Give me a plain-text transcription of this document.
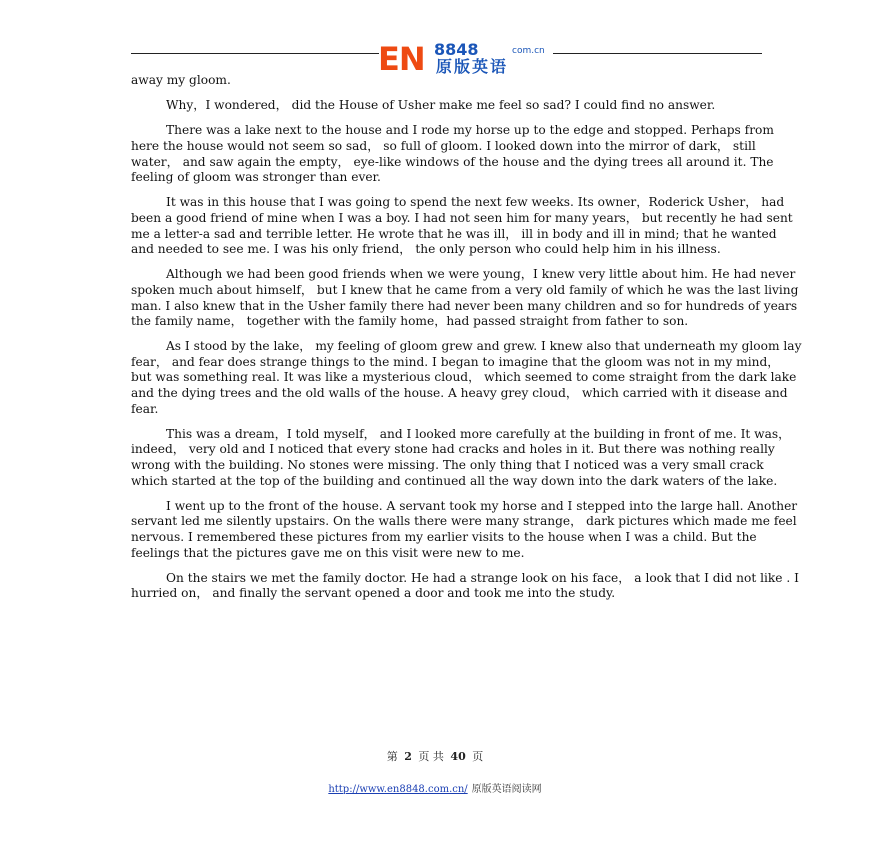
EN 8848	com.cn
原版英语

away my gloom.

Why，I wondered， did the House of Usher make me feel so sad? I could find no answer.

There was a lake next to the house and I rode my horse up to the edge and stopped. Perhaps from here the house would not seem so sad， so full of gloom. I looked down into the mirror of dark， still water， and saw again the empty， eye-like windows of the house and the dying trees all around it. The feeling of gloom was stronger than ever.

It was in this house that I was going to spend the next few weeks. Its owner，Roderick Usher， had been a good friend of mine when I was a boy. I had not seen him for many years， but recently he had sent me a letter-a sad and terrible letter. He wrote that he was ill， ill in body and ill in mind; that he wanted and needed to see me. I was his only friend， the only person who could help him in his illness.

Although we had been good friends when we were young，I knew very little about him. He had never spoken much about himself， but I knew that he came from a very old family of which he was the last living man. I also knew that in the Usher family there had never been many children and so for hundreds of years the family name， together with the family home，had passed straight from father to son.

As I stood by the lake， my feeling of gloom grew and grew. I knew also that underneath my gloom lay fear， and fear does strange things to the mind. I began to imagine that the gloom was not in my mind， but was something real. It was like a mysterious cloud， which seemed to come straight from the dark lake and the dying trees and the old walls of the house. A heavy grey cloud， which carried with it disease and fear.

This was a dream，I told myself， and I looked more carefully at the building in front of me. It was， indeed， very old and I noticed that every stone had cracks and holes in it. But there was nothing really wrong with the building. No stones were missing. The only thing that I noticed was a very small crack which started at the top of the building and continued all the way down into the dark waters of the lake.

I went up to the front of the house. A servant took my horse and I stepped into the large hall. Another servant led me silently upstairs. On the walls there were many strange， dark pictures which made me feel nervous. I remembered these pictures from my earlier visits to the house when I was a child. But the feelings that the pictures gave me on this visit were new to me.

On the stairs we met the family doctor. He had a strange look on his face， a look that I did not like . I hurried on， and finally the servant opened a door and took me into the study.

第 2 页 共 40 页
http://www.en8848.com.cn/ 原版英语阅读网
